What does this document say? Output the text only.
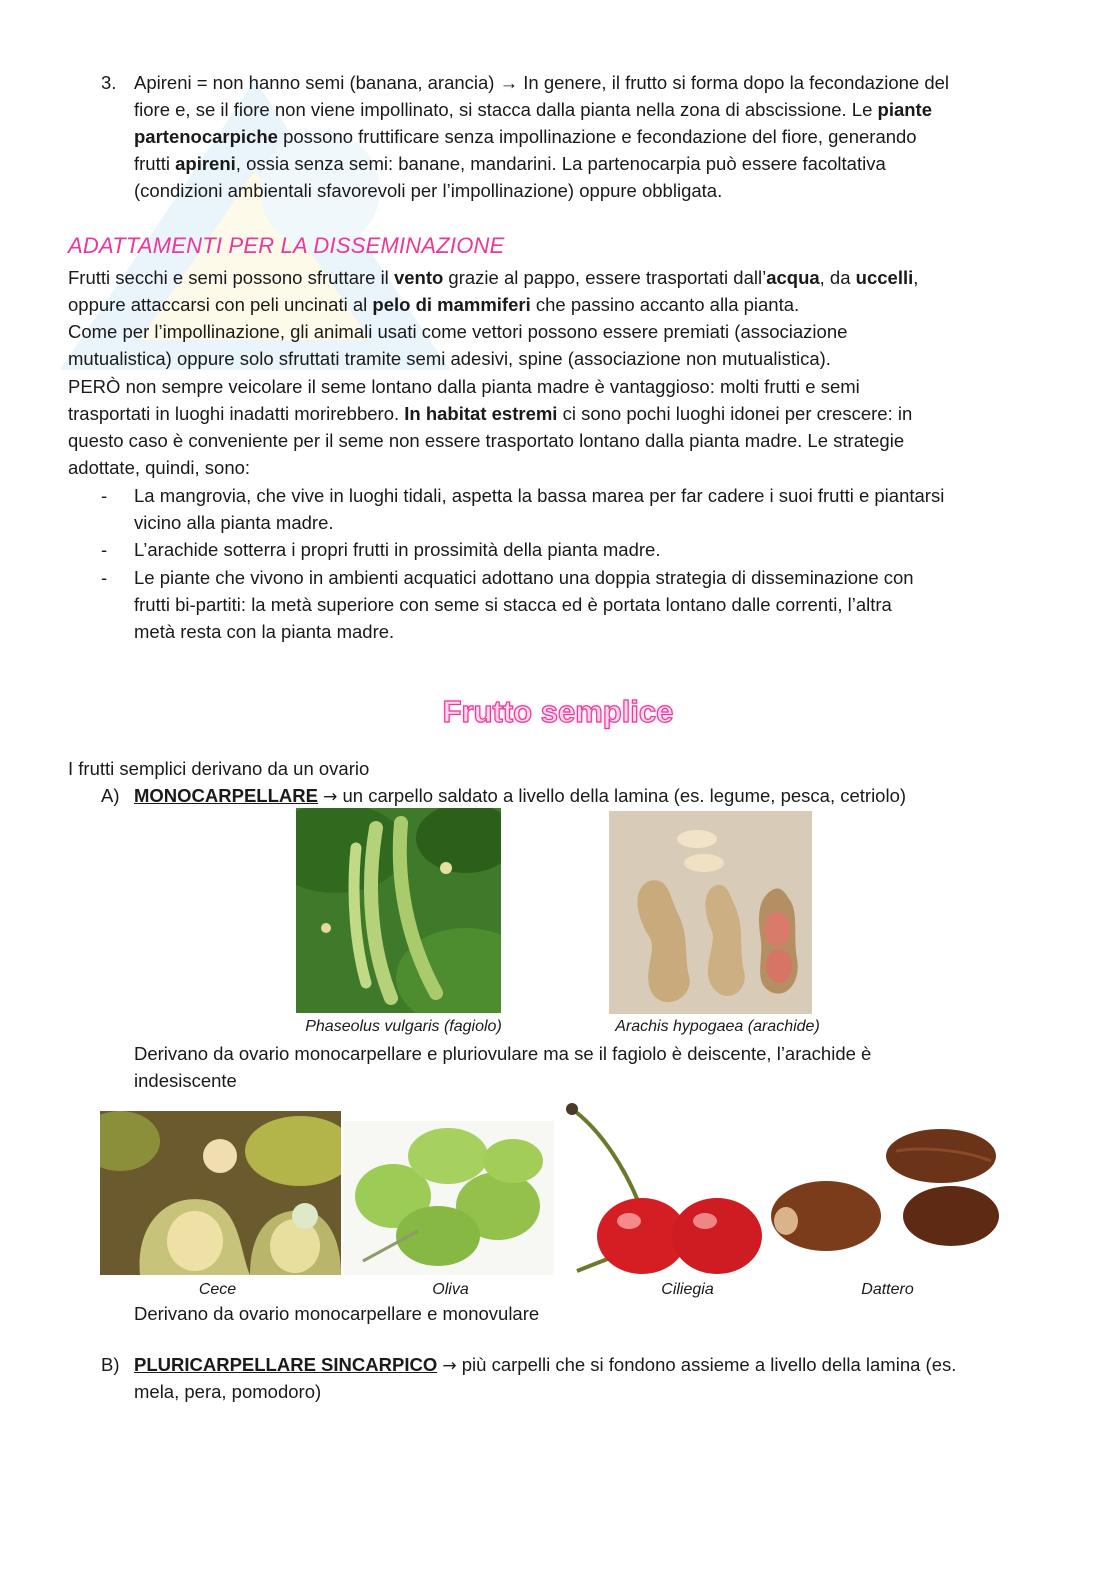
3. Apireni = non hanno semi (banana, arancia) → In genere, il frutto si forma dopo la fecondazione del

fiore e, se il fiore non viene impollinato, si stacca dalla pianta nella zona di abscissione. Le piante

partenocarpiche possono fruttificare senza impollinazione e fecondazione del fiore, generando

frutti apireni, ossia senza semi: banane, mandarini. La partenocarpia può essere facoltativa

(condizioni ambientali sfavorevoli per l’impollinazione) oppure obbligata.

ADATTAMENTI PER LA DISSEMINAZIONE

Frutti secchi e semi possono sfruttare il vento grazie al pappo, essere trasportati dall’acqua, da uccelli,

oppure attaccarsi con peli uncinati al pelo di mammiferi che passino accanto alla pianta.

Come per l’impollinazione, gli animali usati come vettori possono essere premiati (associazione

mutualistica) oppure solo sfruttati tramite semi adesivi, spine (associazione non mutualistica).

PERÒ non sempre veicolare il seme lontano dalla pianta madre è vantaggioso: molti frutti e semi

trasportati in luoghi inadatti morirebbero. In habitat estremi ci sono pochi luoghi idonei per crescere: in

questo caso è conveniente per il seme non essere trasportato lontano dalla pianta madre. Le strategie

adottate, quindi, sono:

-	La mangrovia, che vive in luoghi tidali, aspetta la bassa marea per far cadere i suoi frutti e piantarsi

vicino alla pianta madre.

-	L’arachide sotterra i propri frutti in prossimità della pianta madre.

-	Le piante che vivono in ambienti acquatici adottano una doppia strategia di disseminazione con

frutti bi-partiti: la metà superiore con seme si stacca ed è portata lontano dalle correnti, l’altra

metà resta con la pianta madre.

Frutto semplice

I frutti semplici derivano da un ovario

A) MONOCARPELLARE → un carpello saldato a livello della lamina (es. legume, pesca, cetriolo)

Phaseolus vulgaris (fagiolo)	Arachis hypogaea (arachide)

Derivano da ovario monocarpellare e pluriovulare ma se il fagiolo è deiscente, l’arachide è

indesiscente

Cece	Oliva	Ciliegia	Dattero

Derivano da ovario monocarpellare e monovulare

B) PLURICARPELLARE SINCARPICO → più carpelli che si fondono assieme a livello della lamina (es.

mela, pera, pomodoro)
